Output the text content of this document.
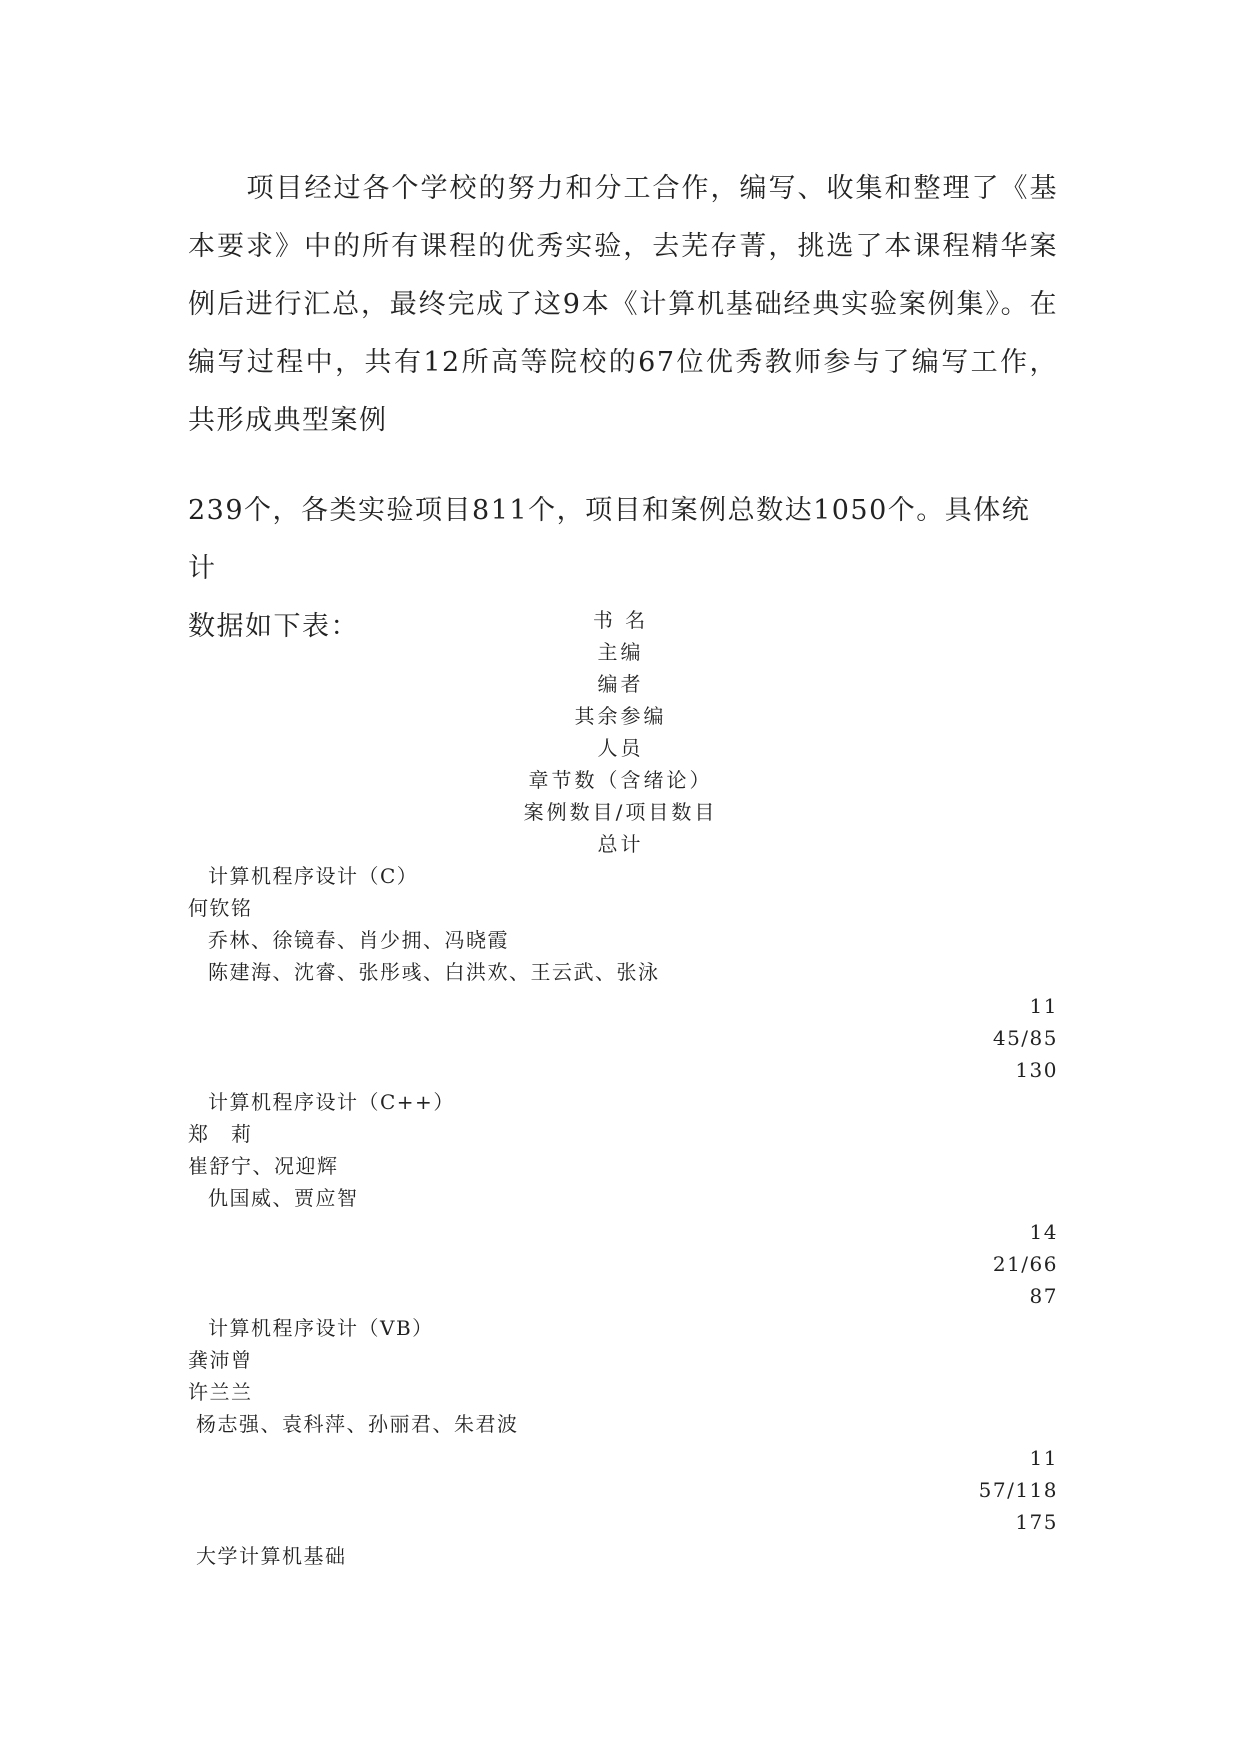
项目经过各个学校的努力和分工合作，编写、收集和整理了《基本要求》中的所有课程的优秀实验，去芜存菁，挑选了本课程精华案例后进行汇总，最终完成了这9本《计算机基础经典实验案例集》。在编写过程中，共有12所高等院校的67位优秀教师参与了编写工作，共形成典型案例

239个，各类实验项目811个，项目和案例总数达1050个。具体统计
数据如下表：	书 名
主编
编者
其余参编
人员
章节数（含绪论）
案例数目/项目数目
总计
计算机程序设计（C）
何钦铭
乔林、徐镜春、肖少拥、冯晓霞
陈建海、沈睿、张彤彧、白洪欢、王云武、张泳
11
45/85
130
计算机程序设计（C++）
郑　莉
崔舒宁、况迎辉
仇国威、贾应智
14
21/66
87
计算机程序设计（VB）
龚沛曾
许兰兰
杨志强、袁科萍、孙丽君、朱君波
11
57/118
175
大学计算机基础
